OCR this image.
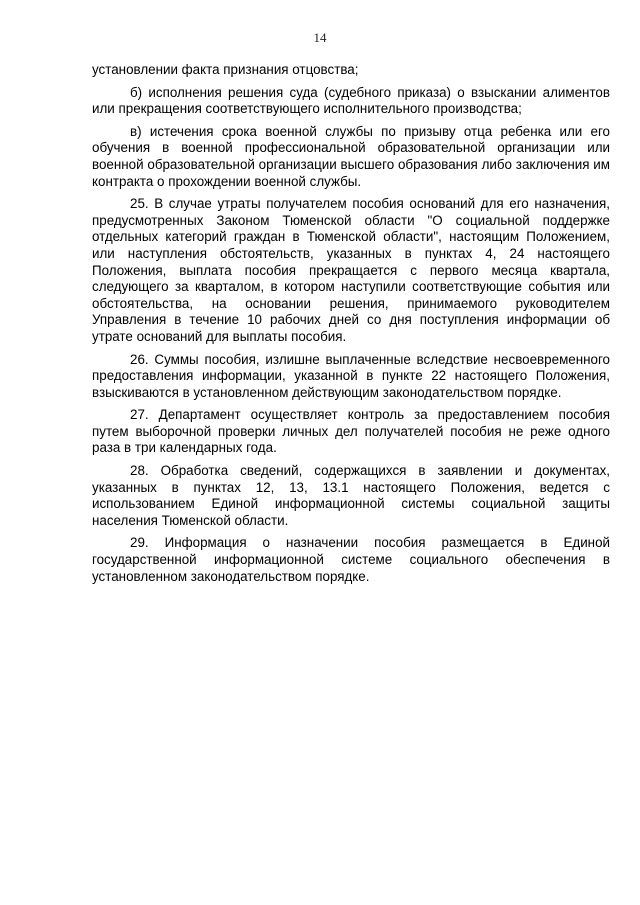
14

установлении факта признания отцовства;

б) исполнения решения суда (судебного приказа) о взыскании алиментов или прекращения соответствующего исполнительного производства;

в) истечения срока военной службы по призыву отца ребенка или его обучения в военной профессиональной образовательной организации или военной образовательной организации высшего образования либо заключения им контракта о прохождении военной службы.

25. В случае утраты получателем пособия оснований для его назначения, предусмотренных Законом Тюменской области "О социальной поддержке отдельных категорий граждан в Тюменской области", настоящим Положением, или наступления обстоятельств, указанных в пунктах 4, 24 настоящего Положения, выплата пособия прекращается с первого месяца квартала, следующего за кварталом, в котором наступили соответствующие события или обстоятельства, на основании решения, принимаемого руководителем Управления в течение 10 рабочих дней со дня поступления информации об утрате оснований для выплаты пособия.

26. Суммы пособия, излишне выплаченные вследствие несвоевременного предоставления информации, указанной в пункте 22 настоящего Положения, взыскиваются в установленном действующим законодательством порядке.

27. Департамент осуществляет контроль за предоставлением пособия путем выборочной проверки личных дел получателей пособия не реже одного раза в три календарных года.

28. Обработка сведений, содержащихся в заявлении и документах, указанных в пунктах 12, 13, 13.1 настоящего Положения, ведется с использованием Единой информационной системы социальной защиты населения Тюменской области.

29. Информация о назначении пособия размещается в Единой государственной информационной системе социального обеспечения в установленном законодательством порядке.
